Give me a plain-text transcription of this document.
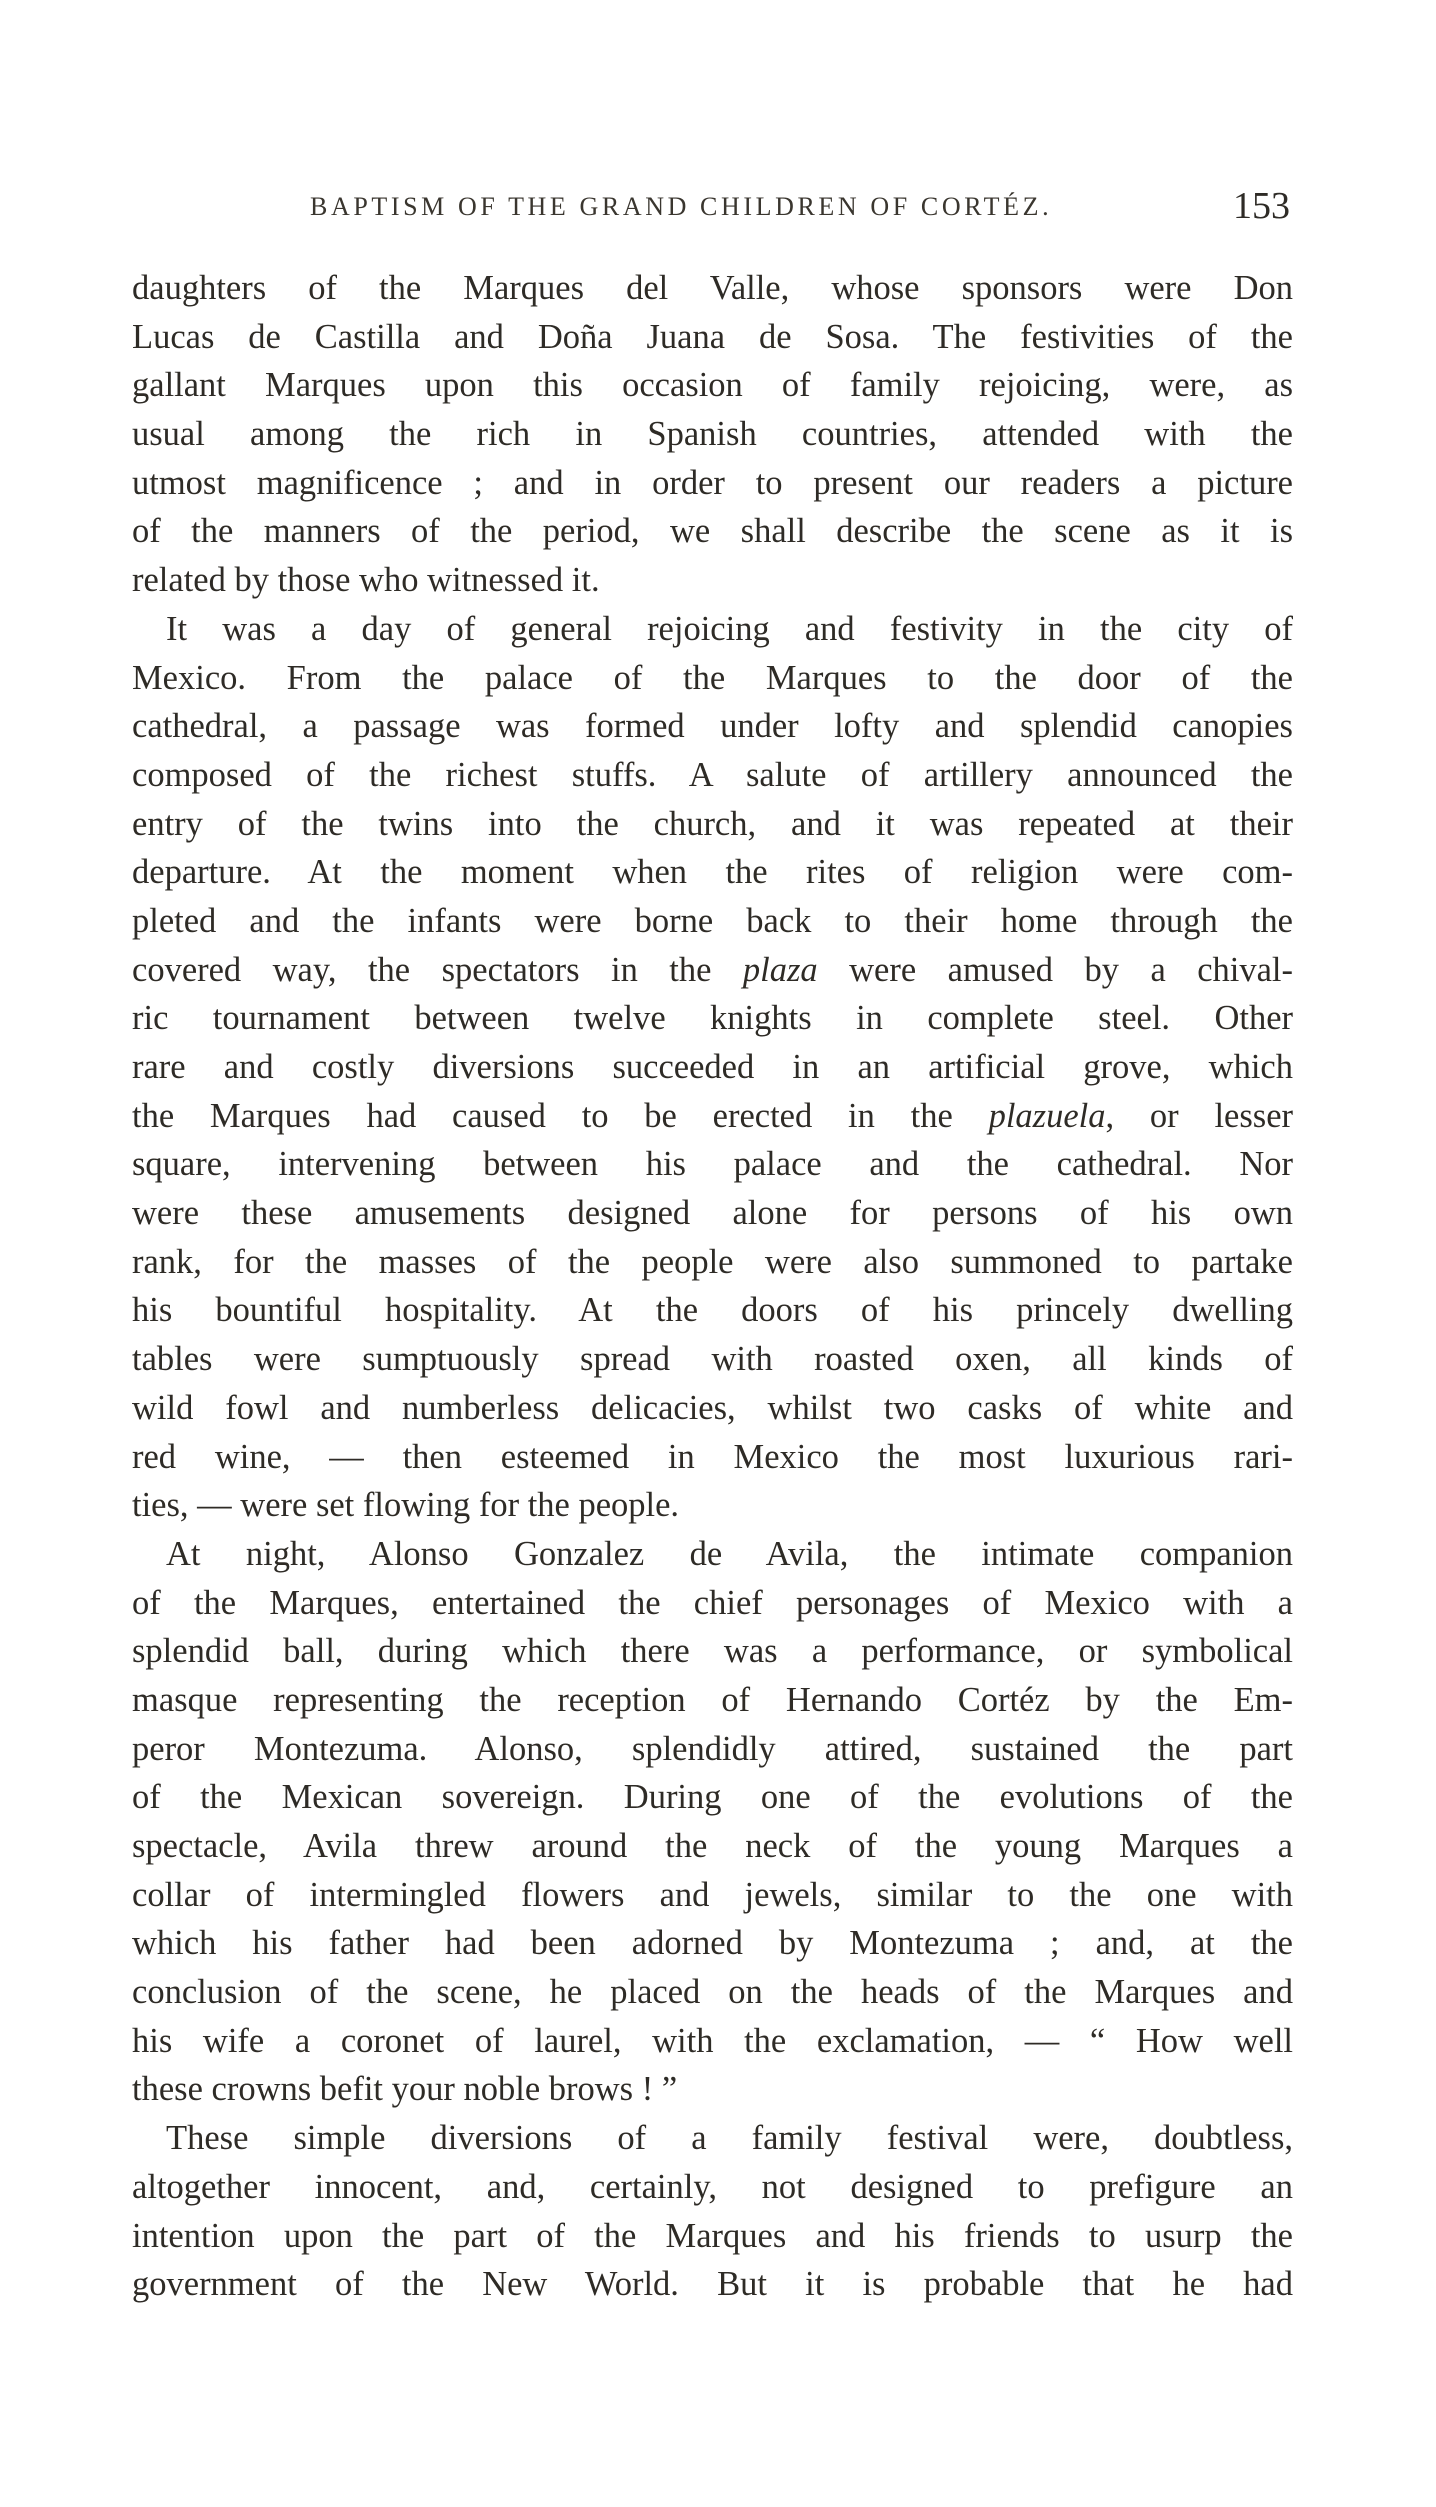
BAPTISM OF THE GRAND CHILDREN OF CORTÉZ.	153
daughters of the Marques del Valle, whose sponsors were Don
Lucas de Castilla and Doña Juana de Sosa. The festivities of the
gallant Marques upon this occasion of family rejoicing, were, as
usual among the rich in Spanish countries, attended with the
utmost magnificence ; and in order to present our readers a picture
of the manners of the period, we shall describe the scene as it is
related by those who witnessed it.
It was a day of general rejoicing and festivity in the city of
Mexico. From the palace of the Marques to the door of the
cathedral, a passage was formed under lofty and splendid canopies
composed of the richest stuffs. A salute of artillery announced the
entry of the twins into the church, and it was repeated at their
departure. At the moment when the rites of religion were com-
pleted and the infants were borne back to their home through the
covered way, the spectators in the plaza were amused by a chival-
ric tournament between twelve knights in complete steel. Other
rare and costly diversions succeeded in an artificial grove, which
the Marques had caused to be erected in the plazuela, or lesser
square, intervening between his palace and the cathedral. Nor
were these amusements designed alone for persons of his own
rank, for the masses of the people were also summoned to partake
his bountiful hospitality. At the doors of his princely dwelling
tables were sumptuously spread with roasted oxen, all kinds of
wild fowl and numberless delicacies, whilst two casks of white and
red wine, — then esteemed in Mexico the most luxurious rari-
ties, — were set flowing for the people.
At night, Alonso Gonzalez de Avila, the intimate companion
of the Marques, entertained the chief personages of Mexico with a
splendid ball, during which there was a performance, or symbolical
masque representing the reception of Hernando Cortéz by the Em-
peror Montezuma. Alonso, splendidly attired, sustained the part
of the Mexican sovereign. During one of the evolutions of the
spectacle, Avila threw around the neck of the young Marques a
collar of intermingled flowers and jewels, similar to the one with
which his father had been adorned by Montezuma ; and, at the
conclusion of the scene, he placed on the heads of the Marques and
his wife a coronet of laurel, with the exclamation, — “ How well
these crowns befit your noble brows ! ”
These simple diversions of a family festival were, doubtless,
altogether innocent, and, certainly, not designed to prefigure an
intention upon the part of the Marques and his friends to usurp the
government of the New World. But it is probable that he had
